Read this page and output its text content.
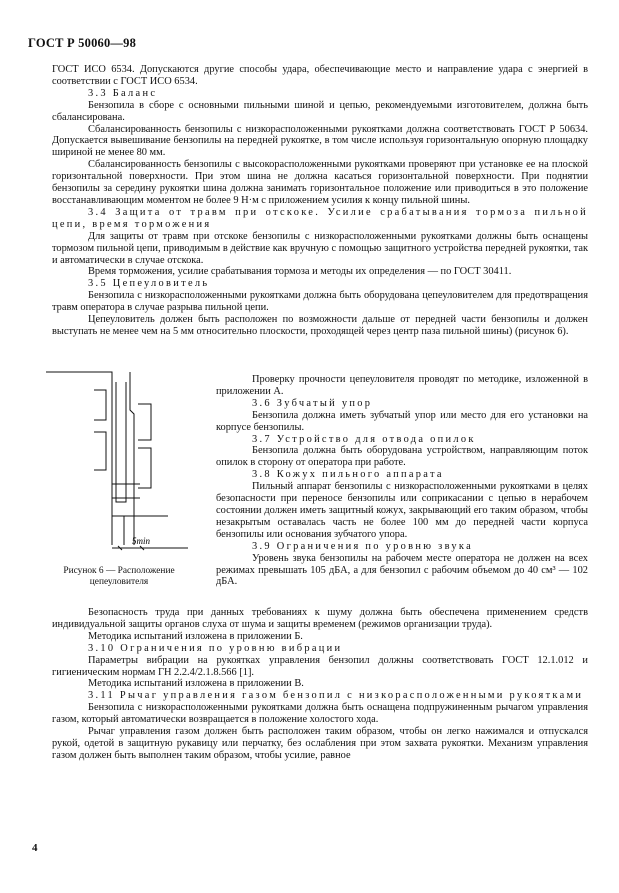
ГОСТ Р 50060—98

ГОСТ ИСО 6534. Допускаются другие способы удара, обеспечивающие место и направление удара с энергией в соответствии с ГОСТ ИСО 6534.

3.3 Баланс

Бензопила в сборе с основными пильными шиной и цепью, рекомендуемыми изготовителем, должна быть сбалансирована.

Сбалансированность бензопилы с низкорасположенными рукоятками должна соответствовать ГОСТ Р 50634. Допускается вывешивание бензопилы на передней рукоятке, в том числе используя горизонтальную опорную площадку шириной не менее 80 мм.

Сбалансированность бензопилы с высокорасположенными рукоятками проверяют при установке ее на плоской горизонтальной поверхности. При этом шина не должна касаться горизонтальной поверхности. При поднятии бензопилы за середину рукоятки шина должна занимать горизонтальное положение или приводиться в это положение восстанавливающим моментом не более 9 Н·м с приложением усилия к концу пильной шины.

3.4 Защита от травм при отскоке. Усилие срабатывания тормоза пильной цепи, время торможения

Для защиты от травм при отскоке бензопилы с низкорасположенными рукоятками должны быть оснащены тормозом пильной цепи, приводимым в действие как вручную с помощью защитного устройства передней рукоятки, так и автоматически в случае отскока.

Время торможения, усилие срабатывания тормоза и методы их определения — по ГОСТ 30411.

3.5 Цепеуловитель

Бензопила с низкорасположенными рукоятками должна быть оборудована цепеуловителем для предотвращения травм оператора в случае разрыва пильной цепи.

Цепеуловитель должен быть расположен по возможности дальше от передней части бензопилы и должен выступать не менее чем на 5 мм относительно плоскости, проходящей через центр паза пильной шины) (рисунок 6).

5min
Рисунок 6 — Расположение цепеуловителя

Проверку прочности цепеуловителя проводят по методике, изложенной в приложении А.

3.6 Зубчатый упор

Бензопила должна иметь зубчатый упор или место для его установки на корпусе бензопилы.

3.7 Устройство для отвода опилок

Бензопила должна быть оборудована устройством, направляющим поток опилок в сторону от оператора при работе.

3.8 Кожух пильного аппарата

Пильный аппарат бензопилы с низкорасположенными рукоятками в целях безопасности при переносе бензопилы или соприкасании с цепью в нерабочем состоянии должен иметь защитный кожух, закрывающий его таким образом, чтобы незакрытым оставалась часть не более 100 мм до передней части корпуса бензопилы или основания зубчатого упора.

3.9 Ограничения по уровню звука

Уровень звука бензопилы на рабочем месте оператора не должен на всех режимах превышать 105 дБА, а для бензопил с рабочим объемом до 40 см³ — 102 дБА.

Безопасность труда при данных требованиях к шуму должна быть обеспечена применением средств индивидуальной защиты органов слуха от шума и защиты временем (режимов организации труда).

Методика испытаний изложена в приложении Б.

3.10 Ограничения по уровню вибрации

Параметры вибрации на рукоятках управления бензопил должны соответствовать ГОСТ 12.1.012 и гигиеническим нормам ГН 2.2.4/2.1.8.566 [1].

Методика испытаний изложена в приложении В.

3.11 Рычаг управления газом бензопил с низкорасположенными рукоятками

Бензопила с низкорасположенными рукоятками должна быть оснащена подпружиненным рычагом управления газом, который автоматически возвращается в положение холостого хода.

Рычаг управления газом должен быть расположен таким образом, чтобы он легко нажимался и отпускался рукой, одетой в защитную рукавицу или перчатку, без ослабления при этом захвата рукоятки. Механизм управления газом должен быть выполнен таким образом, чтобы усилие, равное

4
